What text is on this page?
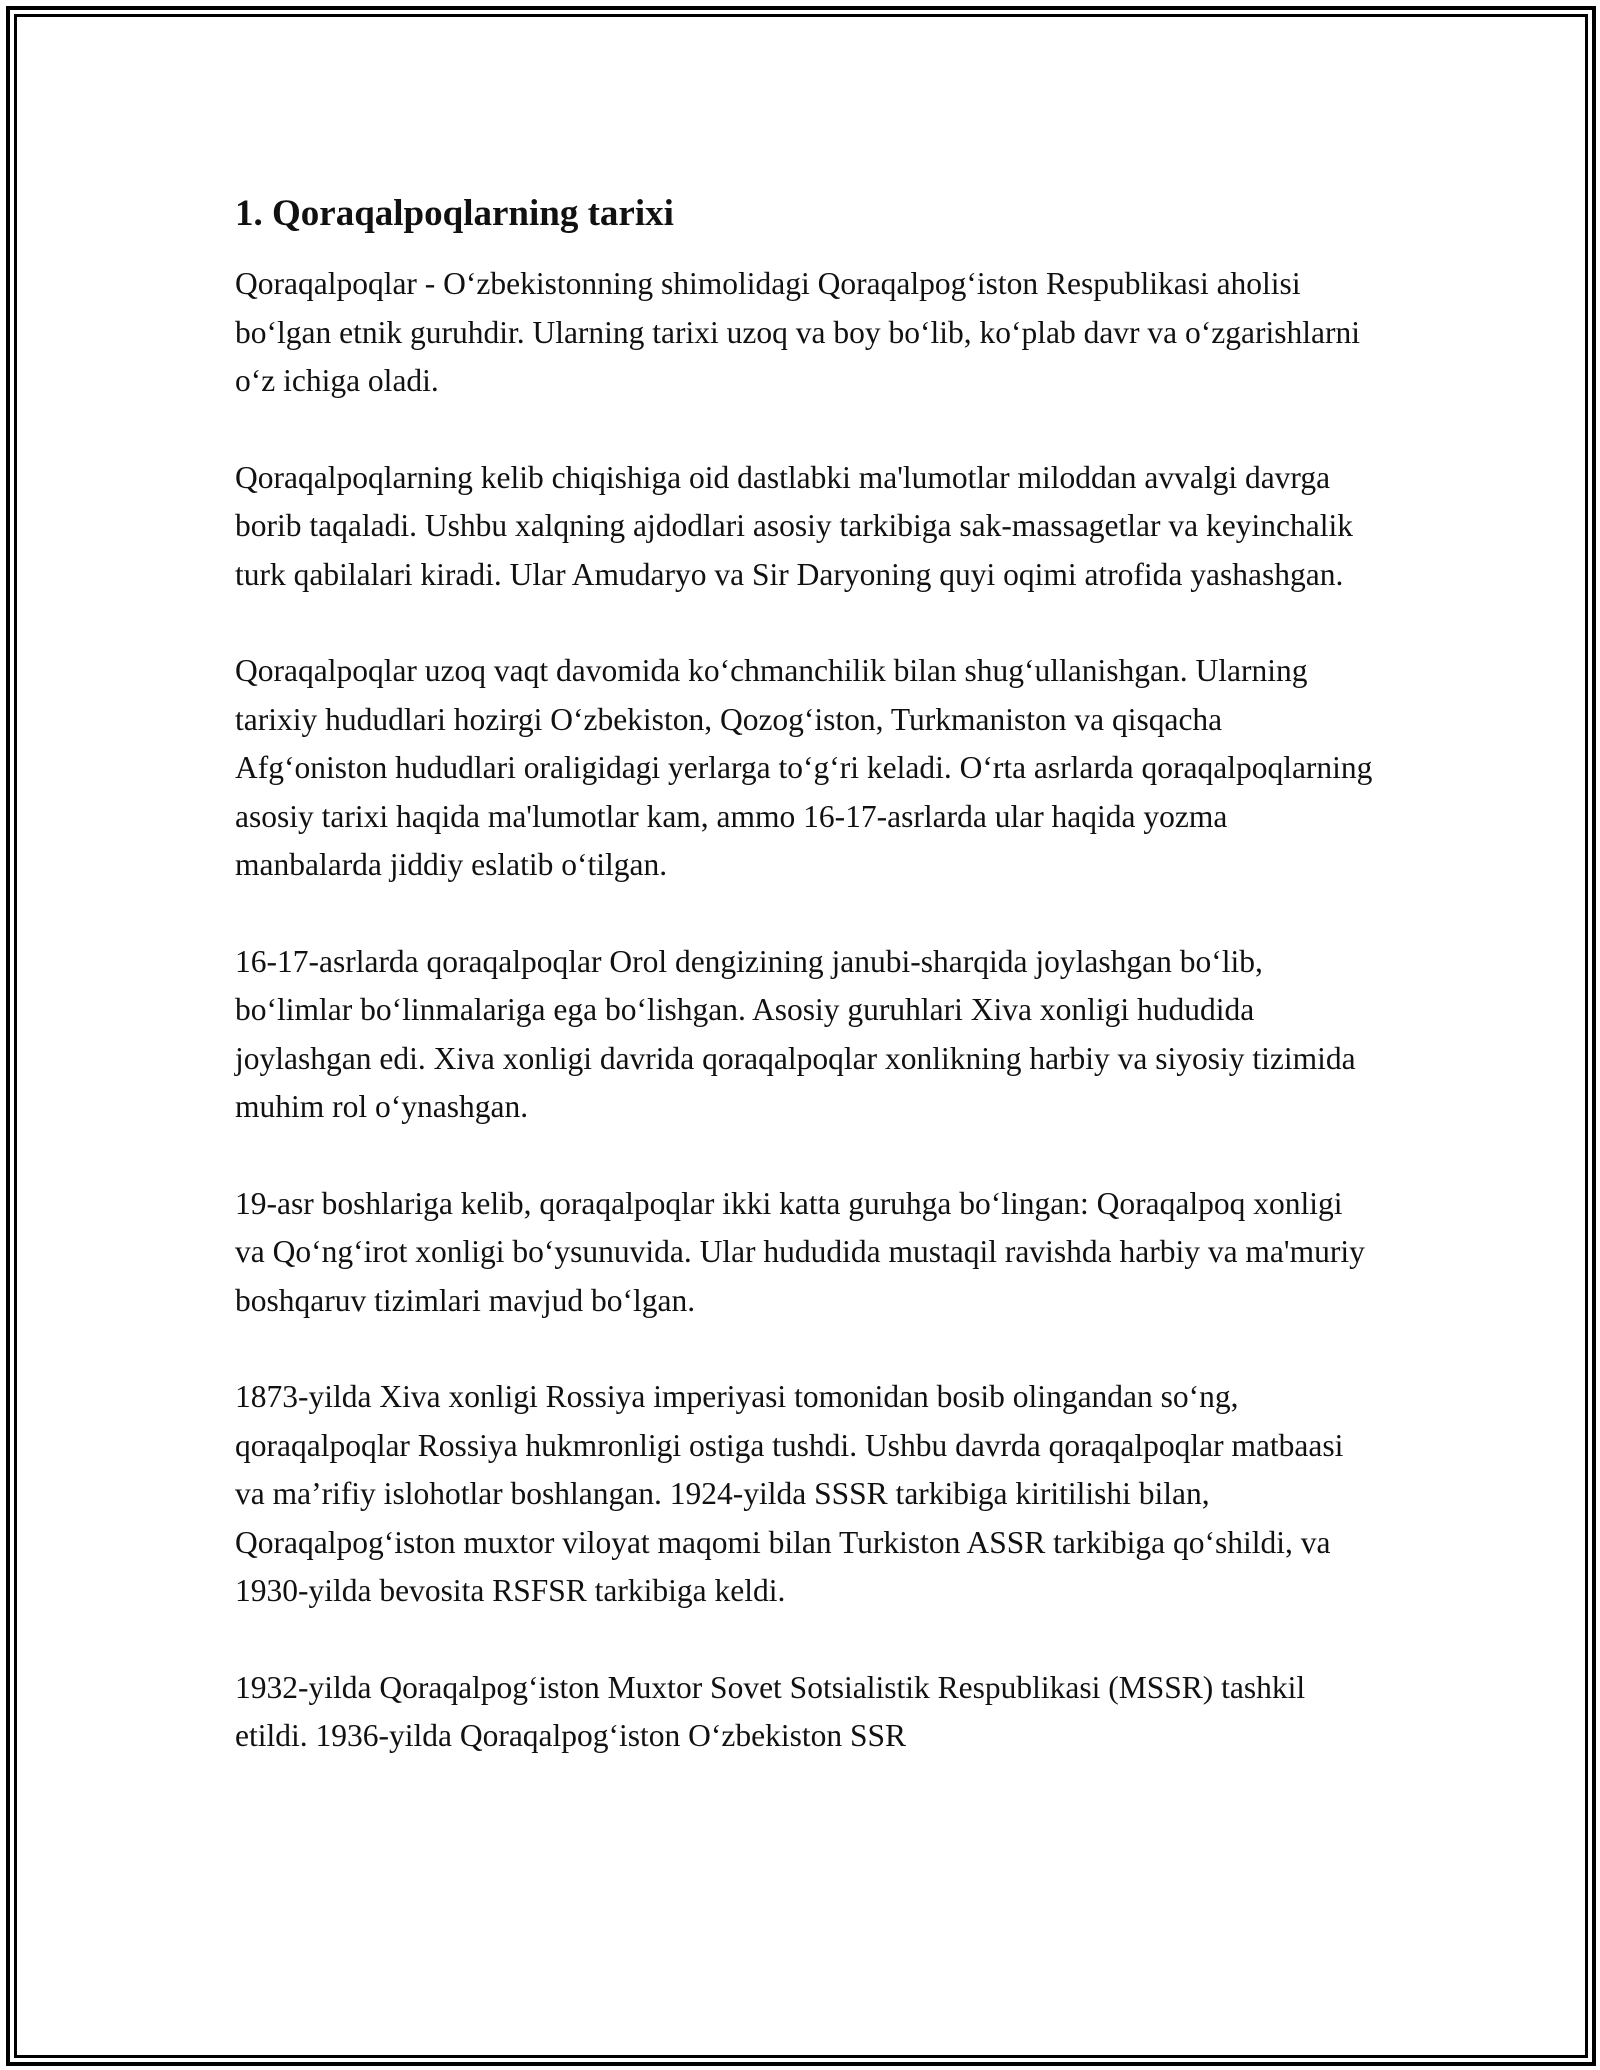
1. Qoraqalpoqlarning tarixi

Qoraqalpoqlar - O‘zbekistonning shimolidagi Qoraqalpog‘iston Respublikasi aholisi bo‘lgan etnik guruhdir. Ularning tarixi uzoq va boy bo‘lib, ko‘plab davr va o‘zgarishlarni o‘z ichiga oladi.

Qoraqalpoqlarning kelib chiqishiga oid dastlabki ma'lumotlar miloddan avvalgi davrga borib taqaladi. Ushbu xalqning ajdodlari asosiy tarkibiga sak-massagetlar va keyinchalik turk qabilalari kiradi. Ular Amudaryo va Sir Daryoning quyi oqimi atrofida yashashgan.

Qoraqalpoqlar uzoq vaqt davomida ko‘chmanchilik bilan shug‘ullanishgan. Ularning tarixiy hududlari hozirgi O‘zbekiston, Qozog‘iston, Turkmaniston va qisqacha Afg‘oniston hududlari oraligidagi yerlarga to‘g‘ri keladi. O‘rta asrlarda qoraqalpoqlarning asosiy tarixi haqida ma'lumotlar kam, ammo 16-17-asrlarda ular haqida yozma manbalarda jiddiy eslatib o‘tilgan.

16-17-asrlarda qoraqalpoqlar Orol dengizining janubi-sharqida joylashgan bo‘lib, bo‘limlar bo‘linmalariga ega bo‘lishgan. Asosiy guruhlari Xiva xonligi hududida joylashgan edi. Xiva xonligi davrida qoraqalpoqlar xonlikning harbiy va siyosiy tizimida muhim rol o‘ynashgan.

19-asr boshlariga kelib, qoraqalpoqlar ikki katta guruhga bo‘lingan: Qoraqalpoq xonligi va Qo‘ng‘irot xonligi bo‘ysunuvida. Ular hududida mustaqil ravishda harbiy va ma'muriy boshqaruv tizimlari mavjud bo‘lgan.

1873-yilda Xiva xonligi Rossiya imperiyasi tomonidan bosib olingandan so‘ng, qoraqalpoqlar Rossiya hukmronligi ostiga tushdi. Ushbu davrda qoraqalpoqlar matbaasi va ma’rifiy islohotlar boshlangan. 1924-yilda SSSR tarkibiga kiritilishi bilan, Qoraqalpog‘iston muxtor viloyat maqomi bilan Turkiston ASSR tarkibiga qo‘shildi, va 1930-yilda bevosita RSFSR tarkibiga keldi.

1932-yilda Qoraqalpog‘iston Muxtor Sovet Sotsialistik Respublikasi (MSSR) tashkil etildi. 1936-yilda Qoraqalpog‘iston O‘zbekiston SSR
